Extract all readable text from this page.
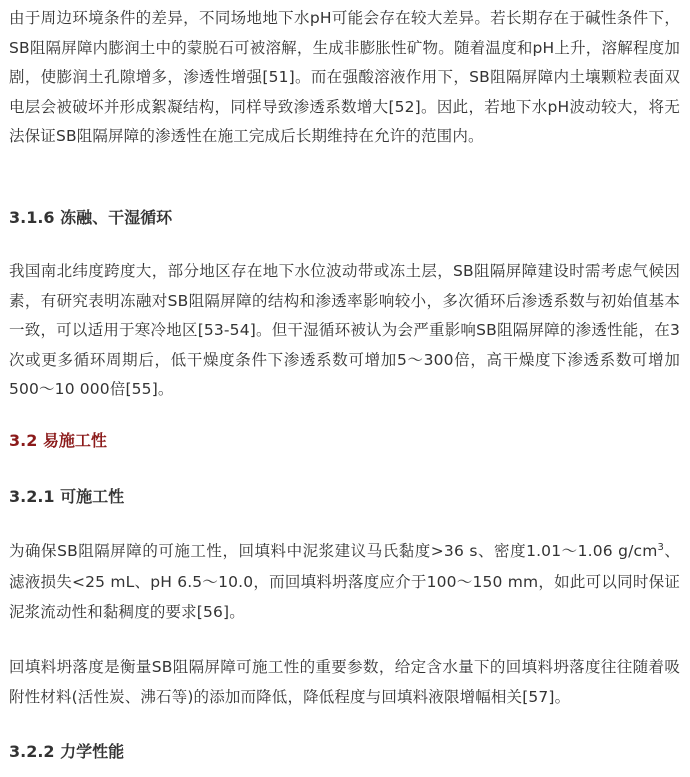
由于周边环境条件的差异，不同场地地下水pH可能会存在较大差异。若长期存在于碱性条件下，SB阻隔屏障内膨润土中的蒙脱石可被溶解，生成非膨胀性矿物。随着温度和pH上升，溶解程度加剧，使膨润土孔隙增多，渗透性增强[51]。而在强酸溶液作用下，SB阻隔屏障内土壤颗粒表面双电层会被破坏并形成絮凝结构，同样导致渗透系数增大[52]。因此，若地下水pH波动较大，将无法保证SB阻隔屏障的渗透性在施工完成后长期维持在允许的范围内。

3.1.6 冻融、干湿循环

我国南北纬度跨度大，部分地区存在地下水位波动带或冻土层，SB阻隔屏障建设时需考虑气候因素，有研究表明冻融对SB阻隔屏障的结构和渗透率影响较小，多次循环后渗透系数与初始值基本一致，可以适用于寒冷地区[53-54]。但干湿循环被认为会严重影响SB阻隔屏障的渗透性能，在3次或更多循环周期后，低干燥度条件下渗透系数可增加5～300倍，高干燥度下渗透系数可增加500～10 000倍[55]。

3.2 易施工性
3.2.1 可施工性

为确保SB阻隔屏障的可施工性，回填料中泥浆建议马氏黏度>36 s、密度1.01～1.06 $g/cm^3$、滤液损失<25 mL、pH 6.5～10.0，而回填料坍落度应介于100～150 mm，如此可以同时保证泥浆流动性和黏稠度的要求[56]。

回填料坍落度是衡量SB阻隔屏障可施工性的重要参数，给定含水量下的回填料坍落度往往随着吸附性材料(活性炭、沸石等)的添加而降低，降低程度与回填料液限增幅相关[57]。

3.2.2 力学性能
